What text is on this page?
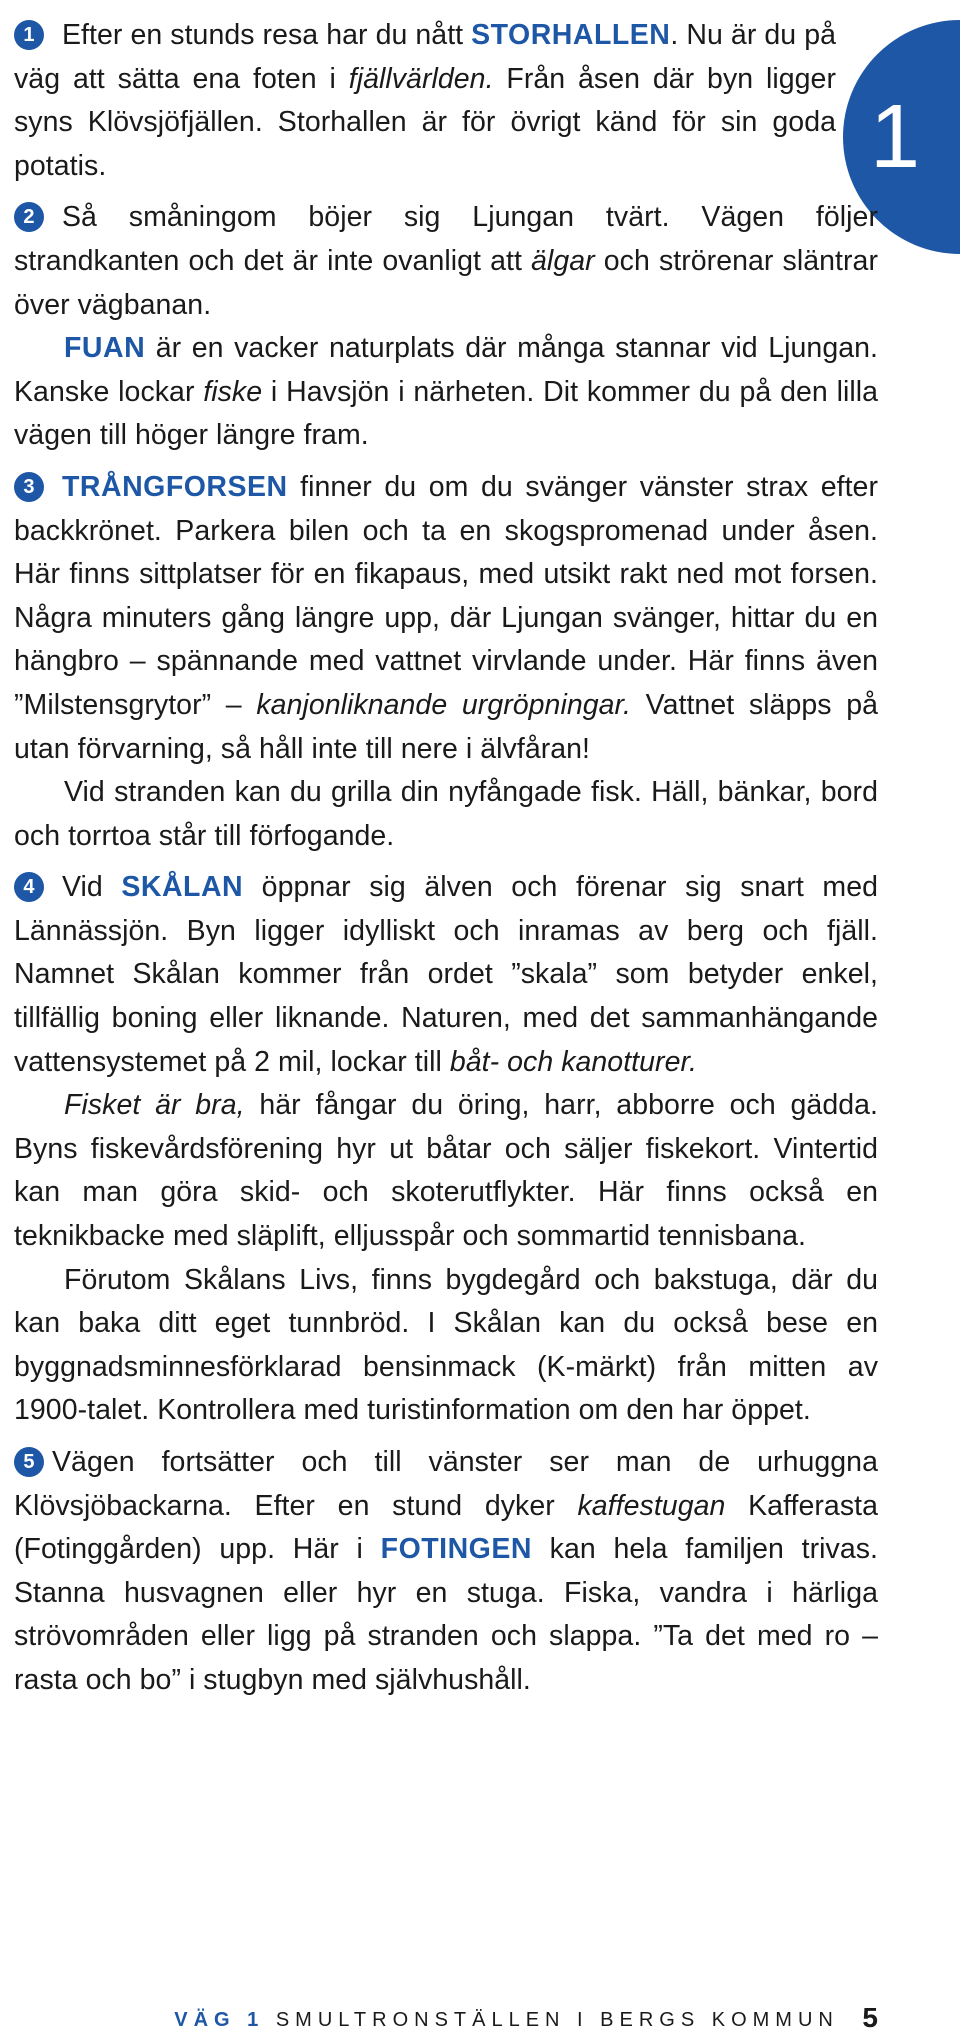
1

1 Efter en stunds resa har du nått STORHALLEN. Nu är du på väg att sätta ena foten i fjällvärlden. Från åsen där byn ligger syns Klövsjöfjällen. Storhallen är för övrigt känd för sin goda potatis.

2 Så småningom böjer sig Ljungan tvärt. Vägen följer strandkanten och det är inte ovanligt att älgar och strörenar släntrar över vägbanan.

FUAN är en vacker naturplats där många stannar vid Ljungan. Kanske lockar fiske i Havsjön i närheten. Dit kommer du på den lilla vägen till höger längre fram.

3 TRÅNGFORSEN finner du om du svänger vänster strax efter backkrönet. Parkera bilen och ta en skogspromenad under åsen. Här finns sittplatser för en fikapaus, med utsikt rakt ned mot forsen. Några minuters gång längre upp, där Ljungan svänger, hittar du en hängbro – spännande med vattnet virvlande under. Här finns även ”Milstensgrytor” – kanjonliknande urgröpningar. Vattnet släpps på utan förvarning, så håll inte till nere i älvfåran!

Vid stranden kan du grilla din nyfångade fisk. Häll, bänkar, bord och torrtoa står till förfogande.

4 Vid SKÅLAN öppnar sig älven och förenar sig snart med Lännässjön. Byn ligger idylliskt och inramas av berg och fjäll. Namnet Skålan kommer från ordet ”skala” som betyder enkel, tillfällig boning eller liknande. Naturen, med det sammanhängande vattensystemet på 2 mil, lockar till båt- och kanotturer.

Fisket är bra, här fångar du öring, harr, abborre och gädda. Byns fiskevårdsförening hyr ut båtar och säljer fiskekort. Vintertid kan man göra skid- och skoterutflykter. Här finns också en teknikbacke med släplift, elljusspår och sommartid tennisbana.

Förutom Skålans Livs, finns bygdegård och bakstuga, där du kan baka ditt eget tunnbröd. I Skålan kan du också bese en byggnadsminnesförklarad bensinmack (K-märkt) från mitten av 1900-talet. Kontrollera med turistinformation om den har öppet.

5 Vägen fortsätter och till vänster ser man de urhuggna Klövsjöbackarna. Efter en stund dyker kaffestugan Kafferasta (Fotinggården) upp. Här i FOTINGEN kan hela familjen trivas. Stanna husvagnen eller hyr en stuga. Fiska, vandra i härliga strövområden eller ligg på stranden och slappa. ”Ta det med ro – rasta och bo” i stugbyn med självhushåll.

VÄG 1 SMULTRONSTÄLLEN I BERGS KOMMUN 5
